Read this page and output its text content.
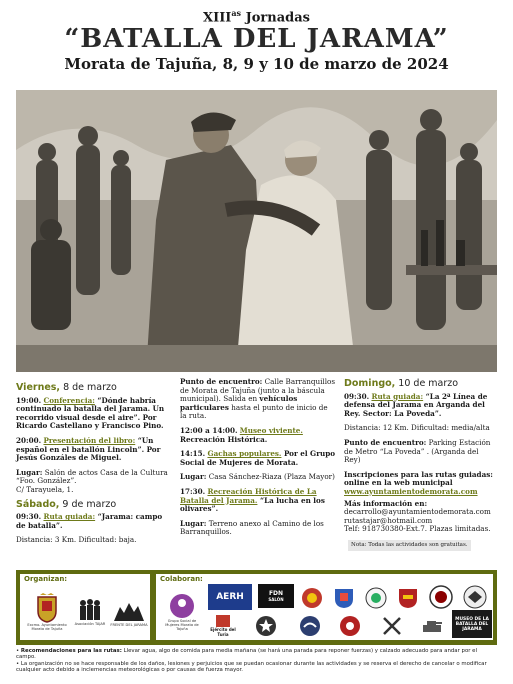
$XIII^{as}$ Jornadas
“BATALLA DEL JARAMA”
Morata de Tajuña, 8, 9 y 10 de marzo de 2024
Viernes, 8 de marzo
19:00. Conferencia: “Dónde habría continuado la batalla del Jarama. Un recorrido visual desde el aire”. Por Ricardo Castellano y Francisco Pino.
20:00. Presentación del libro: “Un español en el batallón Lincoln”. Por Jesús Gonzáles de Miguel.
Lugar: Salón de actos Casa de la Cultura “Foo. González”.
C/ Tarayuela, 1.
Sábado, 9 de marzo
09:30. Ruta guiada: “Jarama: campo de batalla”.
Distancia: 3 Km. Dificultad: baja.
Punto de encuentro: Calle Barranquillos de Morata de Tajuña (junto a la báscula municipal). Salida en vehículos particulares hasta el punto de inicio de la ruta.
12:00 a 14:00. Museo viviente. Recreación Histórica.
14:15. Gachas populares. Por el Grupo Social de Mujeres de Morata.
Lugar: Casa Sánchez-Riaza (Plaza Mayor)
17:30. Recreación Histórica de La Batalla del Jarama. “La lucha en los olivares”.
Lugar: Terreno anexo al Camino de los Barranquillos.
Domingo, 10 de marzo
09:30. Ruta guiada: “La 2ª Línea de defensa del Jarama en Arganda del Rey. Sector: La Poveda”.
Distancia: 12 Km. Dificultad: media/alta
Punto de encuentro: Parking Estación de Metro “La Poveda” . (Arganda del Rey)
Inscripciones para las rutas guiadas: online en la web municipal
www.ayuntamientodemorata.com
Más información en:
decarrollo@ayuntamientodemorata.com
rutastajar@hotmail.com
Telf: 918730380-Ext.7. Plazas limitadas.
Nota: Todas las actividades son gratuitas.
Organizan:
Excmo. Ayuntamiento Morata de Tajuña
Asociación TAJAR FRENTE DEL JARAMA
Colaboran:
Grupo Social de Mujeres Morata de Tajuña
AERH	FDN
SALÓN
Ejército del Turia
MUSEO DE LA BATALLA DEL JARAMA

• Recomendaciones para las rutas: Llevar agua, algo de comida para media mañana (se hará una parada para reponer fuerzas) y calzado adecuado para andar por el campo.

• La organización no se hace responsable de los daños, lesiones y perjuicios que se puedan ocasionar durante las actividades y se reserva el derecho de cancelar o modificar cualquier acto debido a inclemencias meteorológicas o por causas de fuerza mayor.
